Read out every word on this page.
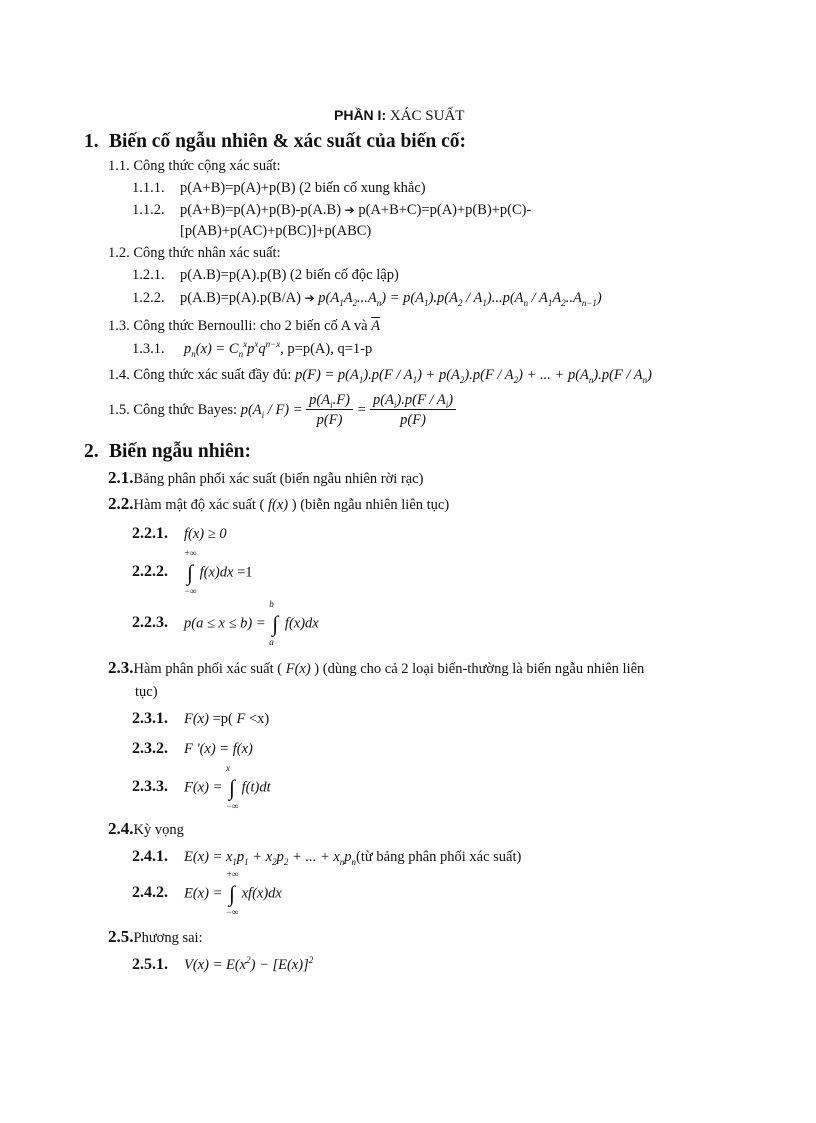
PHẦN I: XÁC SUẤT
1. Biến cố ngẫu nhiên & xác suất của biến cố:
1.1. Công thức cộng xác suất:
1.1.1. p(A+B)=p(A)+p(B) (2 biến cố xung khắc)
1.1.2. p(A+B)=p(A)+p(B)-p(A.B) ➔ p(A+B+C)=p(A)+p(B)+p(C)-
[p(AB)+p(AC)+p(BC)]+p(ABC)
1.2. Công thức nhân xác suất:
1.2.1. p(A.B)=p(A).p(B) (2 biến cố độc lập)
1.2.2. p(A.B)=p(A).p(B/A) ➔ $p(A_1A_2...A_n) = p(A_1).p(A_2 / A_1)...p(A_n / A_1A_2..A_{n-1})$
1.3. Công thức Bernoulli: cho 2 biến cố A và $\overline{A}$
1.3.1. $p_n(x) = C_n^xp^xq^{n-x}$, p=p(A), q=1-p
1.4. Công thức xác suất đầy đủ: $p(F) = p(A_1).p(F / A_1) + p(A_2).p(F / A_2)$ + ... + $p(A_n).p(F / A_n)$
1.5. Công thức Bayes: $p(A_i / F) = \frac{p(A_i.F)}{p(F)} = \frac{p(A_i).p(F / A_i)}{p(F)}$
2. Biến ngẫu nhiên:
2.1.Bảng phân phối xác suất (biến ngẫu nhiên rời rạc)
2.2.Hàm mật độ xác suất ( f(x) ) (biễn ngẫu nhiên liên tục)
2.2.1. f(x) ≥ 0
2.2.2. ∫
+∞
−∞
f(x)dx =1
2.2.3. p(a ≤ x ≤ b) = ∫
b
a
f(x)dx
2.3.Hàm phân phối xác suất ( F(x) ) (dùng cho cả 2 loại biến-thường là biến ngẫu nhiên liên
tục)
2.3.1. F(x) =p( F <x)
2.3.2. F '(x) = f(x)
2.3.3. F(x) = ∫
x
−∞
f(t)dt
2.4.Kỳ vọng
2.4.1. $E(x) = x_1p_1 + x_2p_2$ + ... + $x_np_n(từ$ bảng phân phối xác suất)
2.4.2. E(x) = ∫
+∞
−∞
xf(x)dx
2.5.Phương sai:
2.5.1. $V(x) = E(x^2) - [E(x)]^2$
